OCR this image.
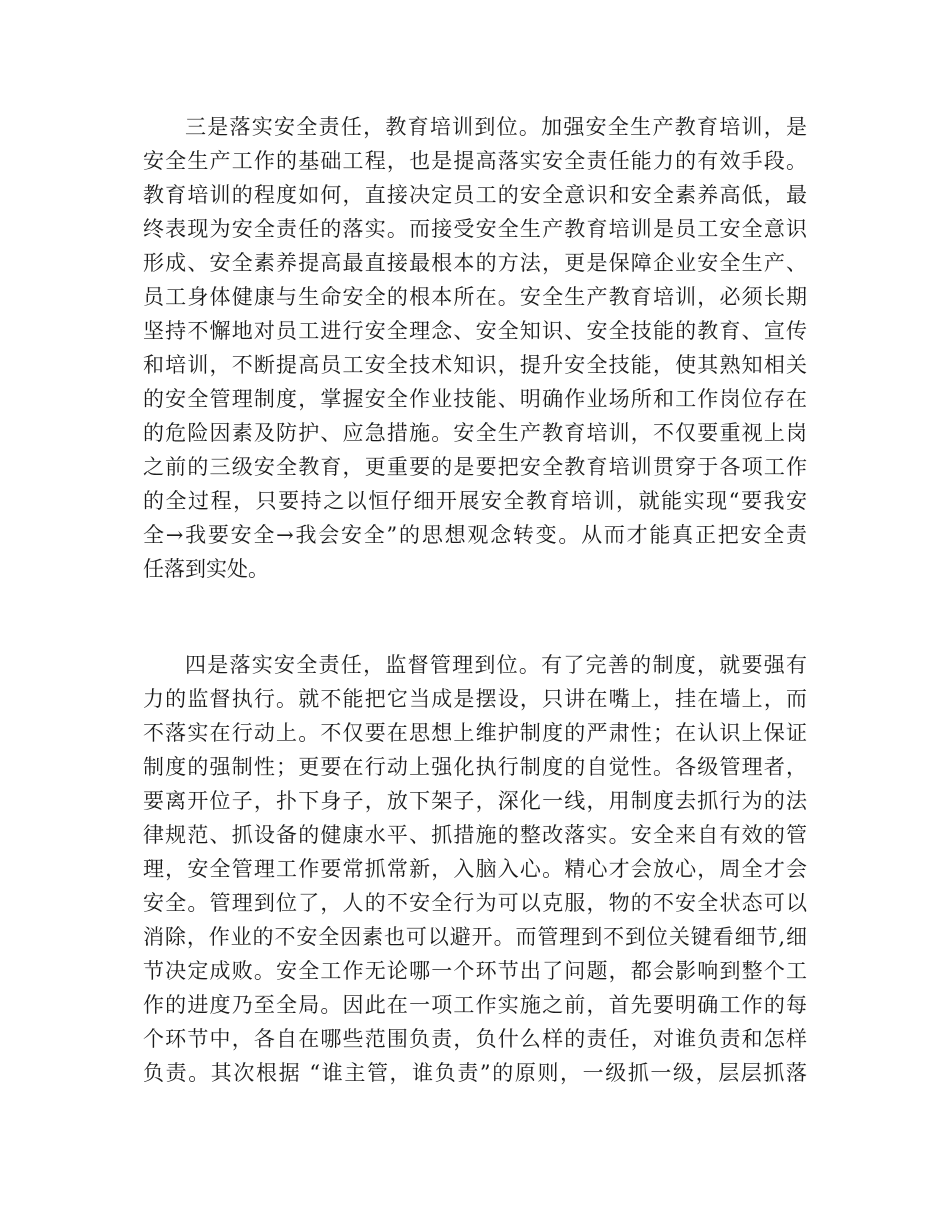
三是落实安全责任，教育培训到位。加强安全生产教育培训，是
安全生产工作的基础工程，也是提高落实安全责任能力的有效手段。
教育培训的程度如何，直接决定员工的安全意识和安全素养高低，最
终表现为安全责任的落实。而接受安全生产教育培训是员工安全意识
形成、安全素养提高最直接最根本的方法，更是保障企业安全生产、
员工身体健康与生命安全的根本所在。安全生产教育培训，必须长期
坚持不懈地对员工进行安全理念、安全知识、安全技能的教育、宣传
和培训，不断提高员工安全技术知识，提升安全技能，使其熟知相关
的安全管理制度，掌握安全作业技能、明确作业场所和工作岗位存在
的危险因素及防护、应急措施。安全生产教育培训，不仅要重视上岗
之前的三级安全教育，更重要的是要把安全教育培训贯穿于各项工作
的全过程，只要持之以恒仔细开展安全教育培训，就能实现“要我安
全→我要安全→我会安全”的思想观念转变。从而才能真正把安全责
任落到实处。
四是落实安全责任，监督管理到位。有了完善的制度，就要强有
力的监督执行。就不能把它当成是摆设，只讲在嘴上，挂在墙上，而
不落实在行动上。不仅要在思想上维护制度的严肃性；在认识上保证
制度的强制性；更要在行动上强化执行制度的自觉性。各级管理者，
要离开位子，扑下身子，放下架子，深化一线，用制度去抓行为的法
律规范、抓设备的健康水平、抓措施的整改落实。安全来自有效的管
理，安全管理工作要常抓常新，入脑入心。精心才会放心，周全才会
安全。管理到位了，人的不安全行为可以克服，物的不安全状态可以
消除，作业的不安全因素也可以避开。而管理到不到位关键看细节,细
节决定成败。安全工作无论哪一个环节出了问题，都会影响到整个工
作的进度乃至全局。因此在一项工作实施之前，首先要明确工作的每
个环节中，各自在哪些范围负责，负什么样的责任，对谁负责和怎样
负责。其次根据 “谁主管，谁负责”的原则，一级抓一级，层层抓落
